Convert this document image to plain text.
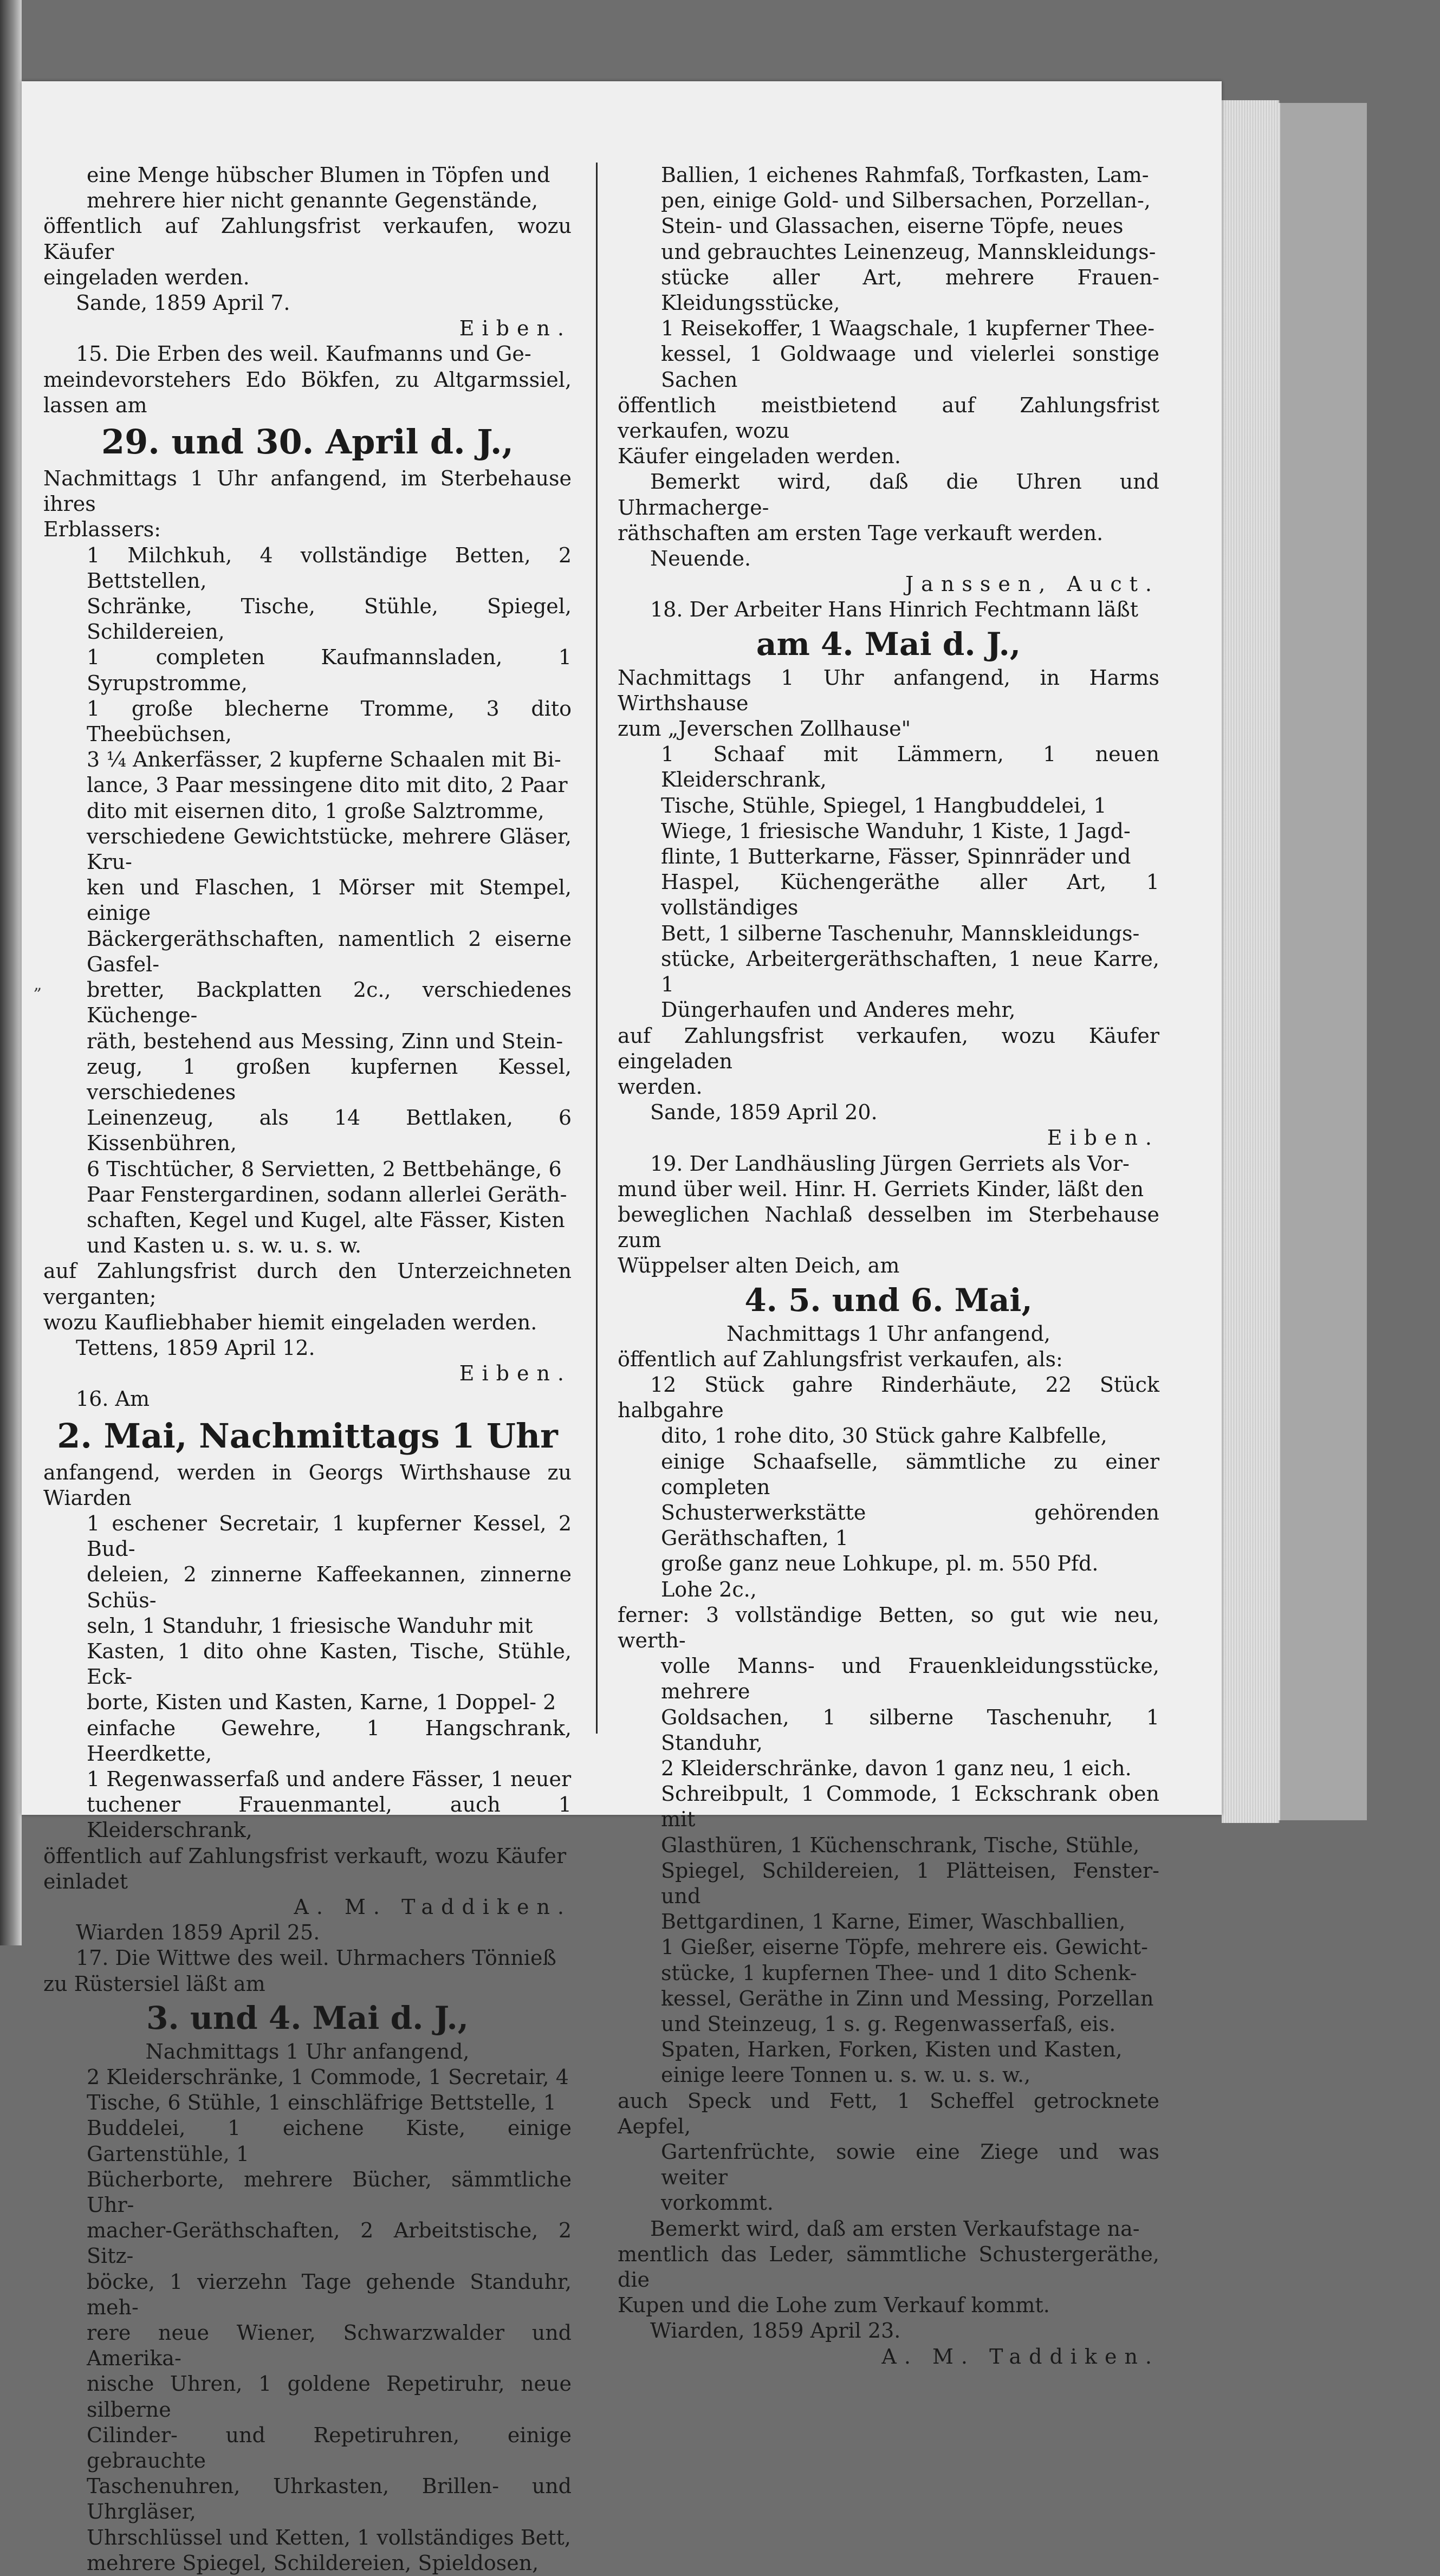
„

eine Menge hübscher Blumen in Töpfen und

mehrere hier nicht genannte Gegenstände,

öffentlich auf Zahlungsfrist verkaufen, wozu Käufer

eingeladen werden.

Sande, 1859 April 7.

Eiben.

15. Die Erben des weil. Kaufmanns und Ge-

meindevorstehers Edo Bökfen, zu Altgarmssiel, lassen am

29. und 30. April d. J.,

Nachmittags 1 Uhr anfangend, im Sterbehause ihres

Erblassers:

1 Milchkuh, 4 vollständige Betten, 2 Bettstellen,

Schränke, Tische, Stühle, Spiegel, Schildereien,

1 completen Kaufmannsladen, 1 Syrupstromme,

1 große blecherne Tromme, 3 dito Theebüchsen,

3 ¼ Ankerfässer, 2 kupferne Schaalen mit Bi-

lance, 3 Paar messingene dito mit dito, 2 Paar

dito mit eisernen dito, 1 große Salztromme,

verschiedene Gewichtstücke, mehrere Gläser, Kru-

ken und Flaschen, 1 Mörser mit Stempel, einige

Bäckergeräthschaften, namentlich 2 eiserne Gasfel-

bretter, Backplatten 2c., verschiedenes Küchenge-

räth, bestehend aus Messing, Zinn und Stein-

zeug, 1 großen kupfernen Kessel, verschiedenes

Leinenzeug, als 14 Bettlaken, 6 Kissenbühren,

6 Tischtücher, 8 Servietten, 2 Bettbehänge, 6

Paar Fenstergardinen, sodann allerlei Geräth-

schaften, Kegel und Kugel, alte Fässer, Kisten

und Kasten u. s. w. u. s. w.

auf Zahlungsfrist durch den Unterzeichneten verganten;

wozu Kaufliebhaber hiemit eingeladen werden.

Tettens, 1859 April 12.

Eiben.

16. Am

2. Mai, Nachmittags 1 Uhr

anfangend, werden in Georgs Wirthshause zu Wiarden

1 eschener Secretair, 1 kupferner Kessel, 2 Bud-

deleien, 2 zinnerne Kaffeekannen, zinnerne Schüs-

seln, 1 Standuhr, 1 friesische Wanduhr mit

Kasten, 1 dito ohne Kasten, Tische, Stühle, Eck-

borte, Kisten und Kasten, Karne, 1 Doppel- 2

einfache Gewehre, 1 Hangschrank, Heerdkette,

1 Regenwasserfaß und andere Fässer, 1 neuer

tuchener Frauenmantel, auch 1 Kleiderschrank,

öffentlich auf Zahlungsfrist verkauft, wozu Käufer

einladet

A. M. Taddiken.

Wiarden 1859 April 25.

17. Die Wittwe des weil. Uhrmachers Tönnieß

zu Rüstersiel läßt am

3. und 4. Mai d. J.,

Nachmittags 1 Uhr anfangend,

2 Kleiderschränke, 1 Commode, 1 Secretair, 4

Tische, 6 Stühle, 1 einschläfrige Bettstelle, 1

Buddelei, 1 eichene Kiste, einige Gartenstühle, 1

Bücherborte, mehrere Bücher, sämmtliche Uhr-

macher-Geräthschaften, 2 Arbeitstische, 2 Sitz-

böcke, 1 vierzehn Tage gehende Standuhr, meh-

rere neue Wiener, Schwarzwalder und Amerika-

nische Uhren, 1 goldene Repetiruhr, neue silberne

Cilinder- und Repetiruhren, einige gebrauchte

Taschenuhren, Uhrkasten, Brillen- und Uhrgläser,

Uhrschlüssel und Ketten, 1 vollständiges Bett,

mehrere Spiegel, Schildereien, Spieldosen,

Ballien, 1 eichenes Rahmfaß, Torfkasten, Lam-

pen, einige Gold- und Silbersachen, Porzellan-,

Stein- und Glassachen, eiserne Töpfe, neues

und gebrauchtes Leinenzeug, Mannskleidungs-

stücke aller Art, mehrere Frauen-Kleidungsstücke,

1 Reisekoffer, 1 Waagschale, 1 kupferner Thee-

kessel, 1 Goldwaage und vielerlei sonstige Sachen

öffentlich meistbietend auf Zahlungsfrist verkaufen, wozu

Käufer eingeladen werden.

Bemerkt wird, daß die Uhren und Uhrmacherge-

räthschaften am ersten Tage verkauft werden.

Neuende.

Janssen, Auct.

18. Der Arbeiter Hans Hinrich Fechtmann läßt

am 4. Mai d. J.,

Nachmittags 1 Uhr anfangend, in Harms Wirthshause

zum „Jeverschen Zollhause"

1 Schaaf mit Lämmern, 1 neuen Kleiderschrank,

Tische, Stühle, Spiegel, 1 Hangbuddelei, 1

Wiege, 1 friesische Wanduhr, 1 Kiste, 1 Jagd-

flinte, 1 Butterkarne, Fässer, Spinnräder und

Haspel, Küchengeräthe aller Art, 1 vollständiges

Bett, 1 silberne Taschenuhr, Mannskleidungs-

stücke, Arbeitergeräthschaften, 1 neue Karre, 1

Düngerhaufen und Anderes mehr,

auf Zahlungsfrist verkaufen, wozu Käufer eingeladen

werden.

Sande, 1859 April 20.

Eiben.

19. Der Landhäusling Jürgen Gerriets als Vor-

mund über weil. Hinr. H. Gerriets Kinder, läßt den

beweglichen Nachlaß desselben im Sterbehause zum

Wüppelser alten Deich, am

4. 5. und 6. Mai,

Nachmittags 1 Uhr anfangend,

öffentlich auf Zahlungsfrist verkaufen, als:

12 Stück gahre Rinderhäute, 22 Stück halbgahre

dito, 1 rohe dito, 30 Stück gahre Kalbfelle,

einige Schaafselle, sämmtliche zu einer completen

Schusterwerkstätte gehörenden Geräthschaften, 1

große ganz neue Lohkupe, pl. m. 550 Pfd.

Lohe 2c.,

ferner: 3 vollständige Betten, so gut wie neu, werth-

volle Manns- und Frauenkleidungsstücke, mehrere

Goldsachen, 1 silberne Taschenuhr, 1 Standuhr,

2 Kleiderschränke, davon 1 ganz neu, 1 eich.

Schreibpult, 1 Commode, 1 Eckschrank oben mit

Glasthüren, 1 Küchenschrank, Tische, Stühle,

Spiegel, Schildereien, 1 Plätteisen, Fenster- und

Bettgardinen, 1 Karne, Eimer, Waschballien,

1 Gießer, eiserne Töpfe, mehrere eis. Gewicht-

stücke, 1 kupfernen Thee- und 1 dito Schenk-

kessel, Geräthe in Zinn und Messing, Porzellan

und Steinzeug, 1 s. g. Regenwasserfaß, eis.

Spaten, Harken, Forken, Kisten und Kasten,

einige leere Tonnen u. s. w. u. s. w.,

auch Speck und Fett, 1 Scheffel getrocknete Aepfel,

Gartenfrüchte, sowie eine Ziege und was weiter

vorkommt.

Bemerkt wird, daß am ersten Verkaufstage na-

mentlich das Leder, sämmtliche Schustergeräthe, die

Kupen und die Lohe zum Verkauf kommt.

Wiarden, 1859 April 23.

A. M. Taddiken.
